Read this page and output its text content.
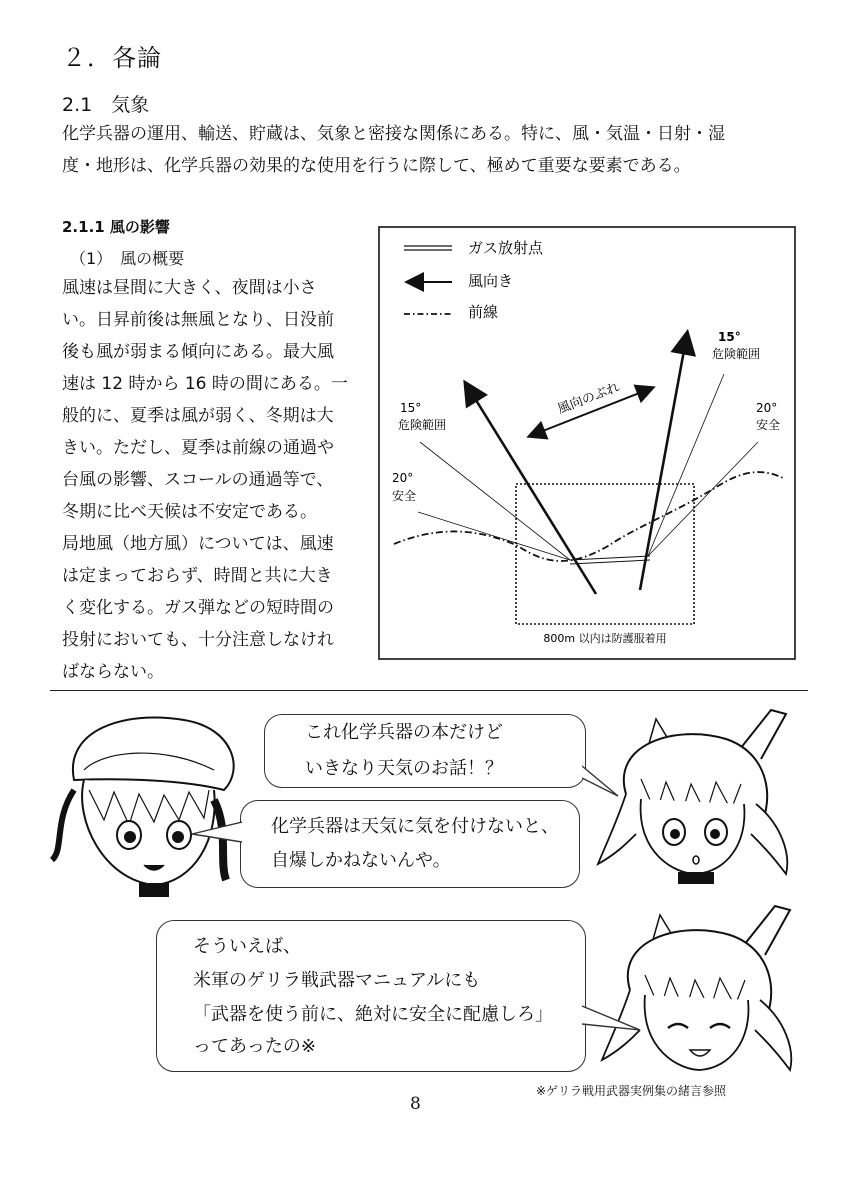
２．各論
2.1　気象
化学兵器の運用、輸送、貯蔵は、気象と密接な関係にある。特に、風・気温・日射・湿
度・地形は、化学兵器の効果的な使用を行うに際して、極めて重要な要素である。
2.1.1 風の影響
（1）　風の概要
風速は昼間に大きく、夜間は小さ
い。日昇前後は無風となり、日没前
後も風が弱まる傾向にある。最大風
速は 12 時から 16 時の間にある。一
般的に、夏季は風が弱く、冬期は大
きい。ただし、夏季は前線の通過や
台風の影響、スコールの通過等で、
冬期に比べ天候は不安定である。
局地風（地方風）については、風速
は定まっておらず、時間と共に大き
く変化する。ガス弾などの短時間の
投射においても、十分注意しなけれ
ばならない。
ガス放射点
風向き
前線
800m 以内は防護服着用
風向のぶれ
15°
危険範囲
20°
安全
15°
危険範囲
20°
安全
これ化学兵器の本だけど
いきなり天気のお話！？
化学兵器は天気に気を付けないと、
自爆しかねないんや。
そういえば、
米軍のゲリラ戦武器マニュアルにも
「武器を使う前に、絶対に安全に配慮しろ」
ってあったの※
※ゲリラ戦用武器実例集の緒言参照
8
